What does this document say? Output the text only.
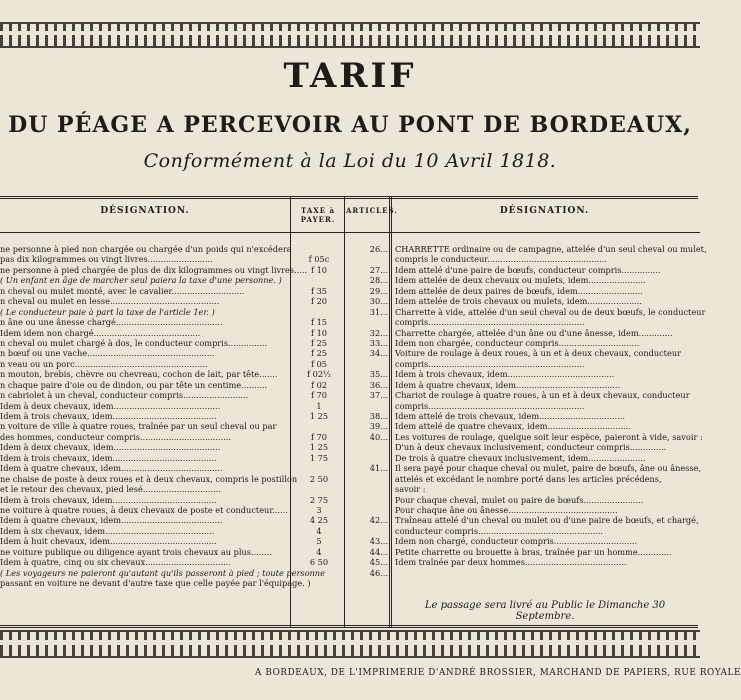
TARIF
DU PÉAGE A PERCEVOIR AU PONT DE BORDEAUX,
Conformément à la Loi du 10 Avril 1818.
DÉSIGNATION.	TAXE à PAYER.
ARTICLES.	DÉSIGNATION.
ne personne à pied non chargée ou chargée d'un poids qui n'excédera
pas dix kilogrammes ou vingt livres.........................
ne personne à pied chargée de plus de dix kilogrammes ou vingt livres.....
( Un enfant en âge de marcher seul paiera la taxe d'une personne. )
n cheval ou mulet monté, avec le cavalier............................
n cheval ou mulet en lesse..........................................
( Le conducteur paie à part la taxe de l'article 1er. )
n âne ou une ânesse chargé.........................................
Idem idem non chargé.........................................
n cheval ou mulet chargé à dos, le conducteur compris...............
n bœuf ou une vache.................................................
n veau ou un porc...................................................
n mouton, brebis, chèvre ou chevreau, cochon de lait, par tête.......
n chaque paire d'oie ou de dindon, ou par tête un centime..........
n cabriolet à un cheval, conducteur compris.........................
Idem à deux chevaux, idem.........................................
Idem à trois chevaux, idem........................................
n voiture de ville à quatre roues, traînée par un seul cheval ou par
des hommes, conducteur compris...................................
Idem à deux chevaux, idem.........................................
Idem à trois chevaux, idem........................................
Idem à quatre chevaux, idem.......................................
ne chaise de poste à deux roues et à deux chevaux, compris le postillon
et le retour des chevaux, pied lesé..............................
Idem à trois chevaux, idem........................................
ne voiture à quatre roues, à deux chevaux de poste et conducteur......
Idem à quatre chevaux, idem.......................................
Idem à six chevaux, idem..........................................
Idem à huit chevaux, idem.........................................
ne voiture publique ou diligence ayant trois chevaux au plus........
Idem à quatre, cinq ou six chevaux.................................
( Les voyageurs ne paieront qu'autant qu'ils passeront à pied ; toute personne
passant en voiture ne devant d'autre taxe que celle payée par l'équipage. )
f 05c
f 10
f 35
f 20
f 15
f 10
f 25
f 25
f 05
f 02½
f 02
f 70
1
1 25
f 70
1 25
1 75
2 50
2 75
3
4 25
4
5
4
6 50
26...
27...
28...
29...
30...
31...
32...
33...
34...
35...
36...
37...
38...
39...
40...
41...
42...
43...
44...
45...
46...
CHARRETTE ordinaire ou de campagne, attelée d'un seul cheval ou mulet,
compris le conducteur..............................................
Idem attelé d'une paire de bœufs, conducteur compris...............
Idem attelée de deux chevaux ou mulets, idem......................
Idem attelée de deux paires de bœufs, idem.........................
Idem attelée de trois chevaux ou mulets, idem.....................
Charrette à vide, attelée d'un seul cheval ou de deux bœufs, le conducteur
compris............................................................
Charrette chargée, attelée d'un âne ou d'une ânesse, idem.............
Idem non chargée, conducteur compris...............................
Voiture de roulage à deux roues, à un et à deux chevaux, conducteur
compris............................................................
Idem à trois chevaux, idem.........................................
Idem à quatre chevaux, idem........................................
Chariot de roulage à quatre roues, à un et à deux chevaux, conducteur
compris............................................................
Idem attelé de trois chevaux, idem.................................
Idem attelé de quatre chevaux, idem................................
Les voitures de roulage, quelque soit leur espèce, paieront à vide, savoir :
D'un à deux chevaux inclusivement, conducteur compris..............
De trois à quatre chevaux inclusivement, idem......................
Il sera payé pour chaque cheval ou mulet, paire de bœufs, âne ou ânesse,
attelés et excédant le nombre porté dans les articles précédens,
savoir :
Pour chaque cheval, mulet ou paire de bœufs.......................
Pour chaque âne ou ânesse..........................................
Traîneau attelé d'un cheval ou mulet ou d'une paire de bœufs, et chargé,
conducteur compris................................................
Idem non chargé, conducteur compris................................
Petite charrette ou brouette à bras, traînée par un homme.............
Idem traînée par deux hommes.......................................
Le passage sera livré au Public le Dimanche 30 Septembre.
A BORDEAUX, DE L'IMPRIMERIE D'ANDRÉ BROSSIER, MARCHAND DE PAPIERS, RUE ROYALE
